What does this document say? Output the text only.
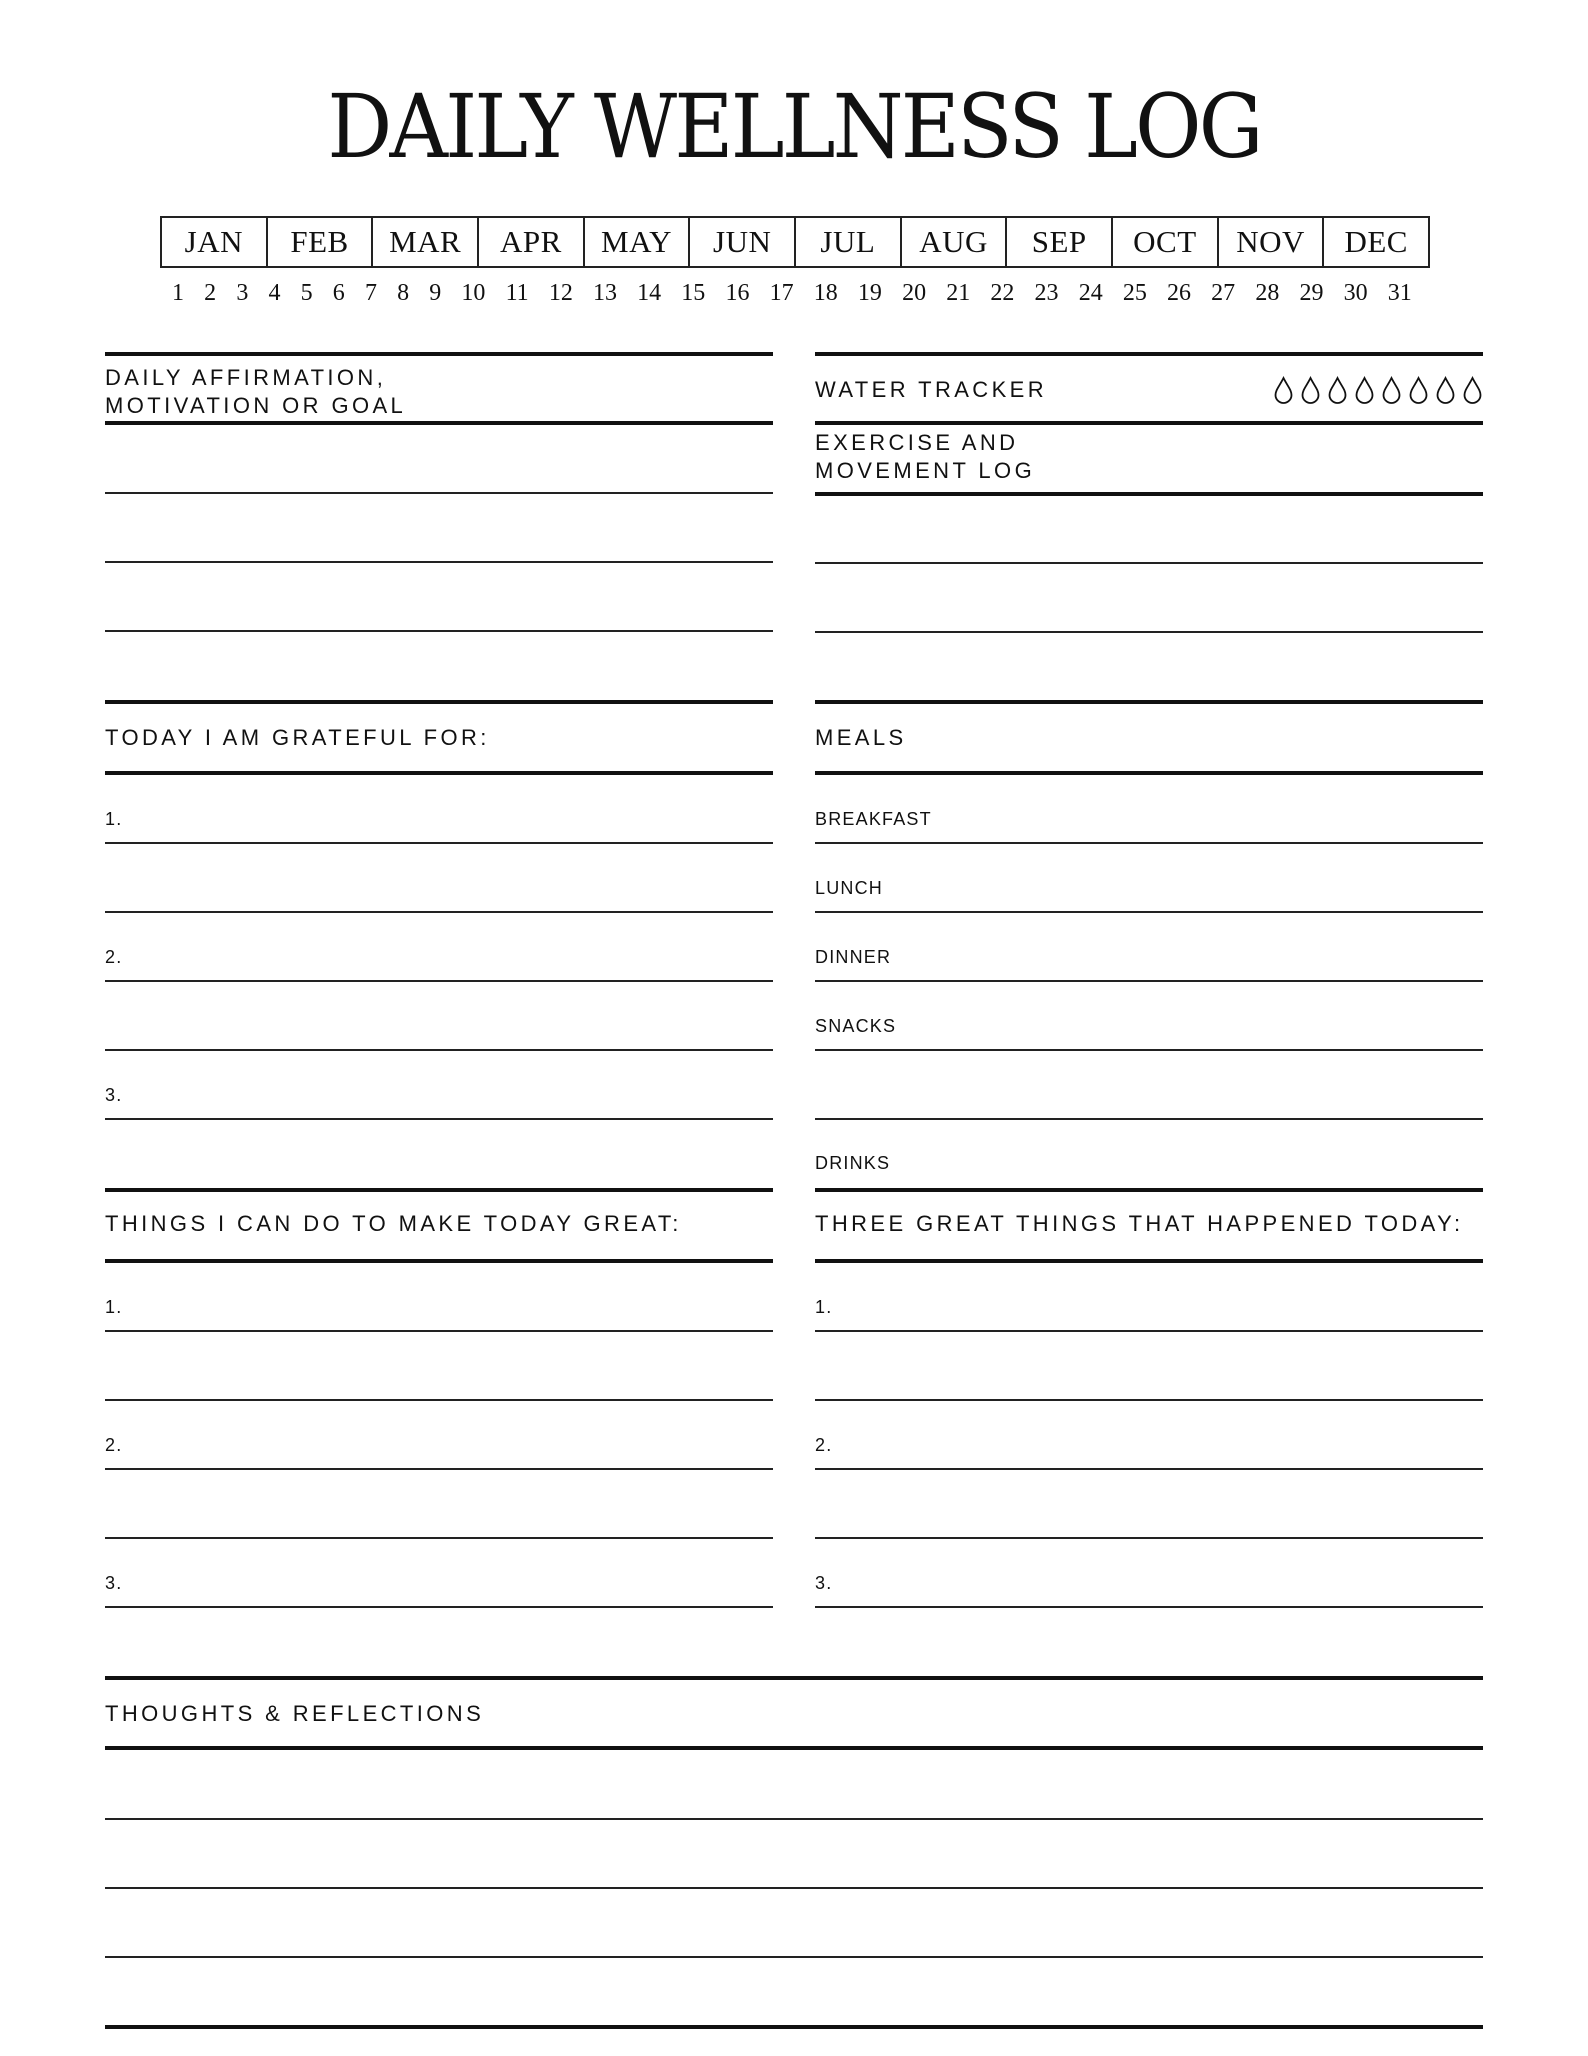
DAILY WELLNESS LOG
JAN	FEB	MAR	APR	MAY	JUN	JUL	AUG	SEP	OCT	NOV	DEC
1 2 3 4 5 6 7 8 9 10 11 12 13 14 15 16 17 18 19 20 21 22 23 24 25 26 27 28 29 30 31
DAILY AFFIRMATION,
MOTIVATION OR GOAL
WATER TRACKER
EXERCISE AND
MOVEMENT LOG
TODAY I AM GRATEFUL FOR:
1.
2.
3.
MEALS
BREAKFAST
LUNCH
DINNER
SNACKS
DRINKS
THINGS I CAN DO TO MAKE TODAY GREAT:
1.
2.
3.
THREE GREAT THINGS THAT HAPPENED TODAY:
1.
2.
3.
THOUGHTS & REFLECTIONS
